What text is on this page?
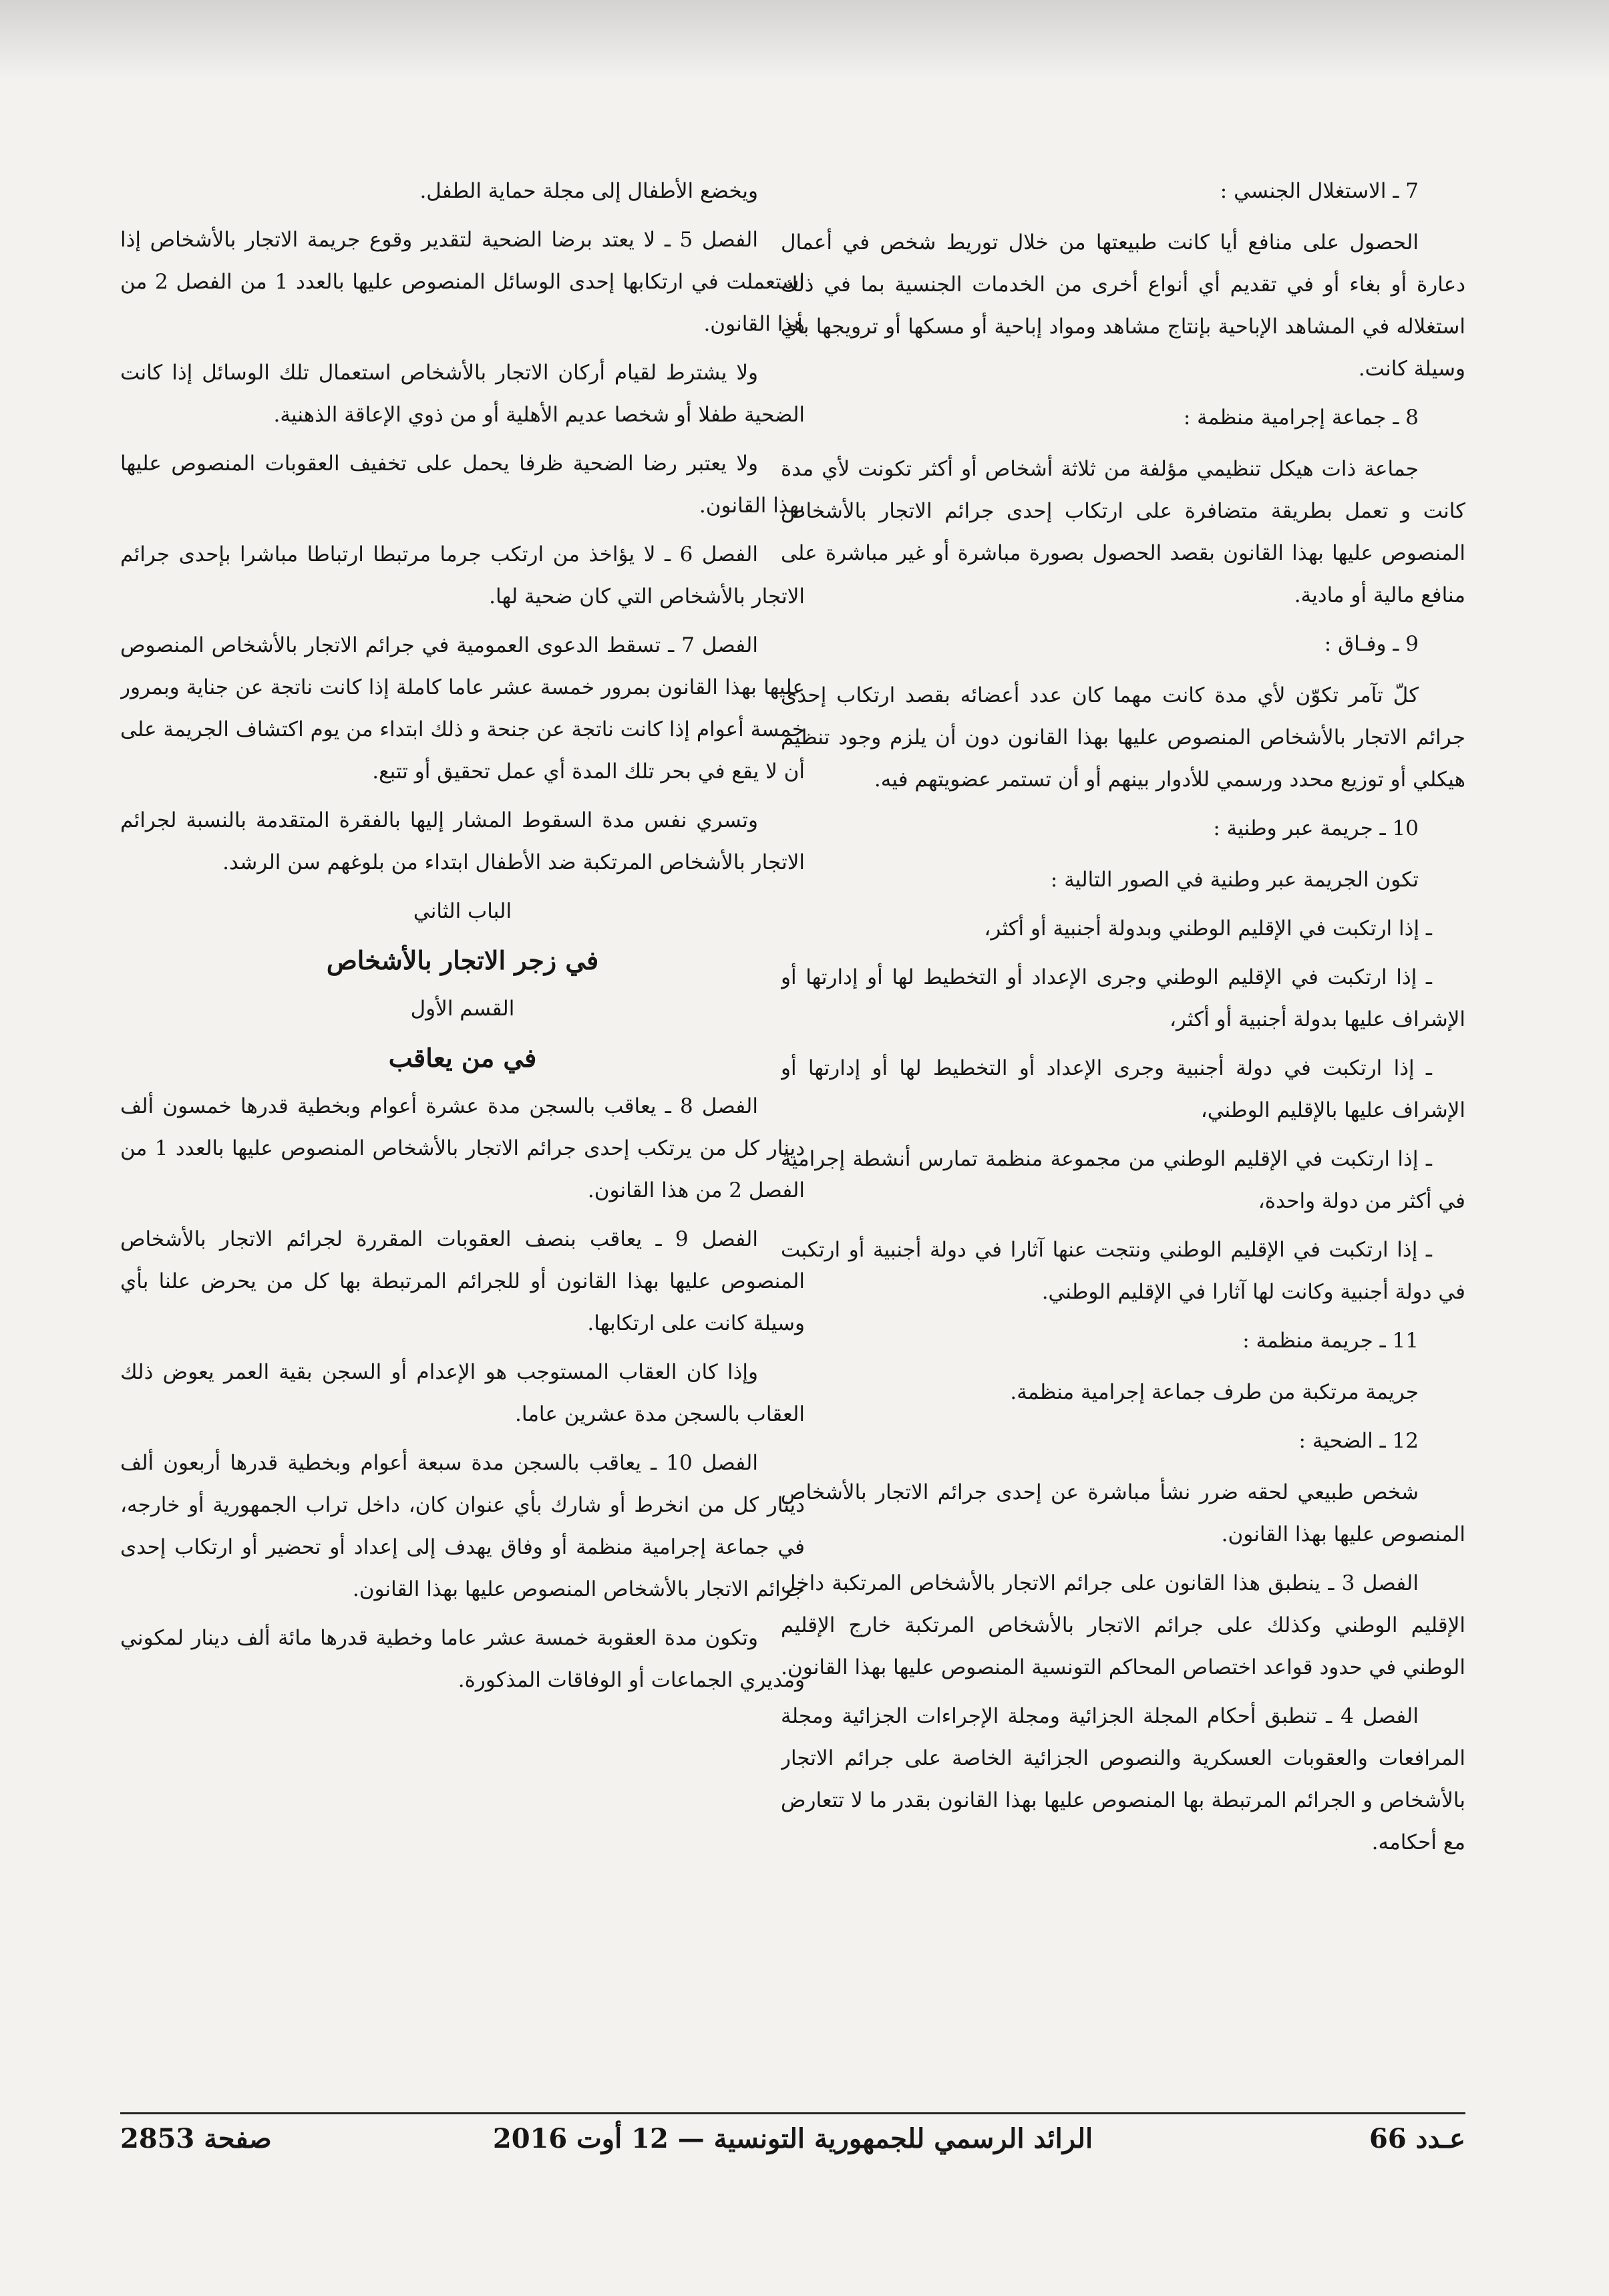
7 ـ الاستغلال الجنسي :

الحصول على منافع أيا كانت طبيعتها من خلال توريط شخص في أعمال دعارة أو بغاء أو في تقديم أي أنواع أخرى من الخدمات الجنسية بما في ذلك استغلاله في المشاهد الإباحية بإنتاج مشاهد ومواد إباحية أو مسكها أو ترويجها بأي وسيلة كانت.

8 ـ جماعة إجرامية منظمة :

جماعة ذات هيكل تنظيمي مؤلفة من ثلاثة أشخاص أو أكثر تكونت لأي مدة كانت و تعمل بطريقة متضافرة على ارتكاب إحدى جرائم الاتجار بالأشخاص المنصوص عليها بهذا القانون بقصد الحصول بصورة مباشرة أو غير مباشرة على منافع مالية أو مادية.

9 ـ وفـاق :

كلّ تآمر تكوّن لأي مدة كانت مهما كان عدد أعضائه بقصد ارتكاب إحدى جرائم الاتجار بالأشخاص المنصوص عليها بهذا القانون دون أن يلزم وجود تنظيم هيكلي أو توزيع محدد ورسمي للأدوار بينهم أو أن تستمر عضويتهم فيه.

10 ـ جريمة عبر وطنية :

تكون الجريمة عبر وطنية في الصور التالية :

ـ إذا ارتكبت في الإقليم الوطني وبدولة أجنبية أو أكثر،

ـ إذا ارتكبت في الإقليم الوطني وجرى الإعداد أو التخطيط لها أو إدارتها أو الإشراف عليها بدولة أجنبية أو أكثر،

ـ إذا ارتكبت في دولة أجنبية وجرى الإعداد أو التخطيط لها أو إدارتها أو الإشراف عليها بالإقليم الوطني،

ـ إذا ارتكبت في الإقليم الوطني من مجموعة منظمة تمارس أنشطة إجرامية في أكثر من دولة واحدة،

ـ إذا ارتكبت في الإقليم الوطني ونتجت عنها آثارا في دولة أجنبية أو ارتكبت في دولة أجنبية وكانت لها آثارا في الإقليم الوطني.

11 ـ جريمة منظمة :

جريمة مرتكبة من طرف جماعة إجرامية منظمة.

12 ـ الضحية :

شخص طبيعي لحقه ضرر نشأ مباشرة عن إحدى جرائم الاتجار بالأشخاص المنصوص عليها بهذا القانون.

الفصل 3 ـ ينطبق هذا القانون على جرائم الاتجار بالأشخاص المرتكبة داخل الإقليم الوطني وكذلك على جرائم الاتجار بالأشخاص المرتكبة خارج الإقليم الوطني في حدود قواعد اختصاص المحاكم التونسية المنصوص عليها بهذا القانون.

الفصل 4 ـ تنطبق أحكام المجلة الجزائية ومجلة الإجراءات الجزائية ومجلة المرافعات والعقوبات العسكرية والنصوص الجزائية الخاصة على جرائم الاتجار بالأشخاص و الجرائم المرتبطة بها المنصوص عليها بهذا القانون بقدر ما لا تتعارض مع أحكامه.

ويخضع الأطفال إلى مجلة حماية الطفل.

الفصل 5 ـ لا يعتد برضا الضحية لتقدير وقوع جريمة الاتجار بالأشخاص إذا استعملت في ارتكابها إحدى الوسائل المنصوص عليها بالعدد 1 من الفصل 2 من هذا القانون.

ولا يشترط لقيام أركان الاتجار بالأشخاص استعمال تلك الوسائل إذا كانت الضحية طفلا أو شخصا عديم الأهلية أو من ذوي الإعاقة الذهنية.

ولا يعتبر رضا الضحية ظرفا يحمل على تخفيف العقوبات المنصوص عليها بهذا القانون.

الفصل 6 ـ لا يؤاخذ من ارتكب جرما مرتبطا ارتباطا مباشرا بإحدى جرائم الاتجار بالأشخاص التي كان ضحية لها.

الفصل 7 ـ تسقط الدعوى العمومية في جرائم الاتجار بالأشخاص المنصوص عليها بهذا القانون بمرور خمسة عشر عاما كاملة إذا كانت ناتجة عن جناية وبمرور خمسة أعوام إذا كانت ناتجة عن جنحة و ذلك ابتداء من يوم اكتشاف الجريمة على أن لا يقع في بحر تلك المدة أي عمل تحقيق أو تتبع.

وتسري نفس مدة السقوط المشار إليها بالفقرة المتقدمة بالنسبة لجرائم الاتجار بالأشخاص المرتكبة ضد الأطفال ابتداء من بلوغهم سن الرشد.

الباب الثاني

في زجر الاتجار بالأشخاص

القسم الأول

في من يعاقب

الفصل 8 ـ يعاقب بالسجن مدة عشرة أعوام وبخطية قدرها خمسون ألف دينار كل من يرتكب إحدى جرائم الاتجار بالأشخاص المنصوص عليها بالعدد 1 من الفصل 2 من هذا القانون.

الفصل 9 ـ يعاقب بنصف العقوبات المقررة لجرائم الاتجار بالأشخاص المنصوص عليها بهذا القانون أو للجرائم المرتبطة بها كل من يحرض علنا بأي وسيلة كانت على ارتكابها.

وإذا كان العقاب المستوجب هو الإعدام أو السجن بقية العمر يعوض ذلك العقاب بالسجن مدة عشرين عاما.

الفصل 10 ـ يعاقب بالسجن مدة سبعة أعوام وبخطية قدرها أربعون ألف دينار كل من انخرط أو شارك بأي عنوان كان، داخل تراب الجمهورية أو خارجه، في جماعة إجرامية منظمة أو وفاق يهدف إلى إعداد أو تحضير أو ارتكاب إحدى جرائم الاتجار بالأشخاص المنصوص عليها بهذا القانون.

وتكون مدة العقوبة خمسة عشر عاما وخطية قدرها مائة ألف دينار لمكوني ومديري الجماعات أو الوفاقات المذكورة.

عـدد 66
الرائد الرسمي للجمهورية التونسية — 12 أوت 2016
صفحة 2853
